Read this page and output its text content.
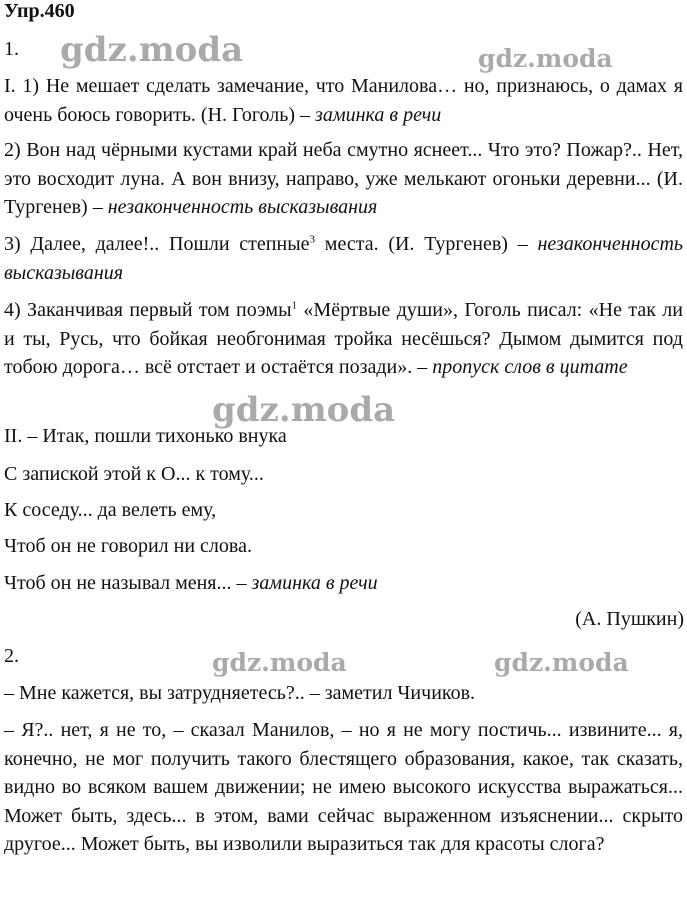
Упр.460
1.
I. 1) Не мешает сделать замечание, что Манилова… но, признаюсь, о дамах я очень боюсь говорить. (Н. Гоголь) – заминка в речи
2) Вон над чёрными кустами край неба смутно яснеет... Что это? Пожар?.. Нет, это восходит луна. А вон внизу, направо, уже мелькают огоньки деревни... (И. Тургенев) – незаконченность высказывания
3) Далее, далее!.. Пошли степные$^3$ места. (И. Тургенев) – незаконченность высказывания
4) Заканчивая первый том поэмы$^1$ «Мёртвые души», Гоголь писал: «Не так ли и ты, Русь, что бойкая необгонимая тройка несёшься? Дымом дымится под тобою дорога… всё отстает и остаётся позади». – пропуск слов в цитате
II. – Итак, пошли тихонько внука
С запиской этой к О... к тому...
К соседу... да велеть ему,
Чтоб он не говорил ни слова.
Чтоб он не называл меня... – заминка в речи
(А. Пушкин)
2.
– Мне кажется, вы затрудняетесь?.. – заметил Чичиков.
– Я?.. нет, я не то, – сказал Манилов, – но я не могу постичь... извините... я, конечно, не мог получить такого блестящего образования, какое, так сказать, видно во всяком вашем движении; не имею высокого искусства выражаться... Может быть, здесь... в этом, вами сейчас выраженном изъяснении... скрыто другое... Может быть, вы изволили выразиться так для красоты слога?
gdz.moda	gdz.moda
gdz.moda
gdz.moda	gdz.moda
